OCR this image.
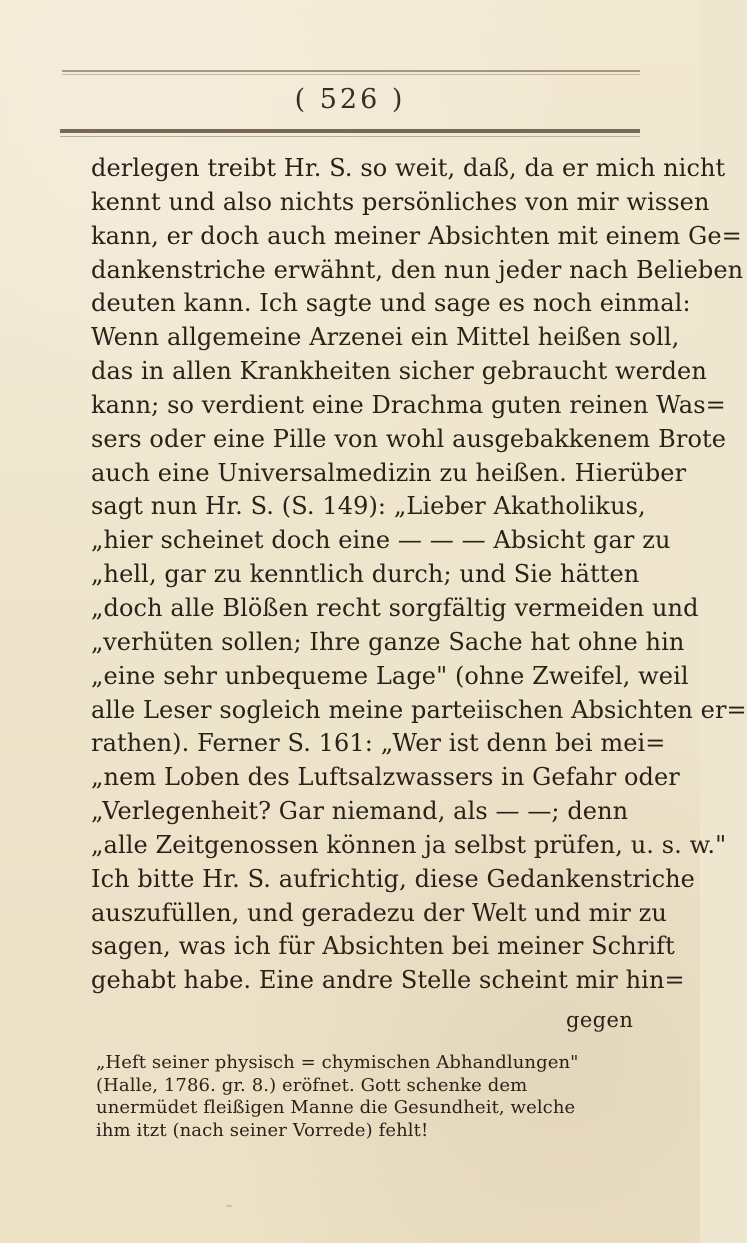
( 526 )
derlegen treibt Hr. S. so weit, daß, da er mich nicht
kennt und also nichts persönliches von mir wissen
kann, er doch auch meiner Absichten mit einem Ge=
dankenstriche erwähnt, den nun jeder nach Belieben
deuten kann. Ich sagte und sage es noch einmal:
Wenn allgemeine Arzenei ein Mittel heißen soll,
das in allen Krankheiten sicher gebraucht werden
kann; so verdient eine Drachma guten reinen Was=
sers oder eine Pille von wohl ausgebakkenem Brote
auch eine Universalmedizin zu heißen. Hierüber
sagt nun Hr. S. (S. 149): „Lieber Akatholikus,
„hier scheinet doch eine — — — Absicht gar zu
„hell, gar zu kenntlich durch; und Sie hätten
„doch alle Blößen recht sorgfältig vermeiden und
„verhüten sollen; Ihre ganze Sache hat ohne hin
„eine sehr unbequeme Lage" (ohne Zweifel, weil
alle Leser sogleich meine parteiischen Absichten er=
rathen). Ferner S. 161: „Wer ist denn bei mei=
„nem Loben des Luftsalzwassers in Gefahr oder
„Verlegenheit? Gar niemand, als — —; denn
„alle Zeitgenossen können ja selbst prüfen, u. s. w."
Ich bitte Hr. S. aufrichtig, diese Gedankenstriche
auszufüllen, und geradezu der Welt und mir zu
sagen, was ich für Absichten bei meiner Schrift
gehabt habe. Eine andre Stelle scheint mir hin=
gegen
„Heft seiner physisch = chymischen Abhandlungen"
(Halle, 1786. gr. 8.) eröfnet. Gott schenke dem
unermüdet fleißigen Manne die Gesundheit, welche
ihm itzt (nach seiner Vorrede) fehlt!
